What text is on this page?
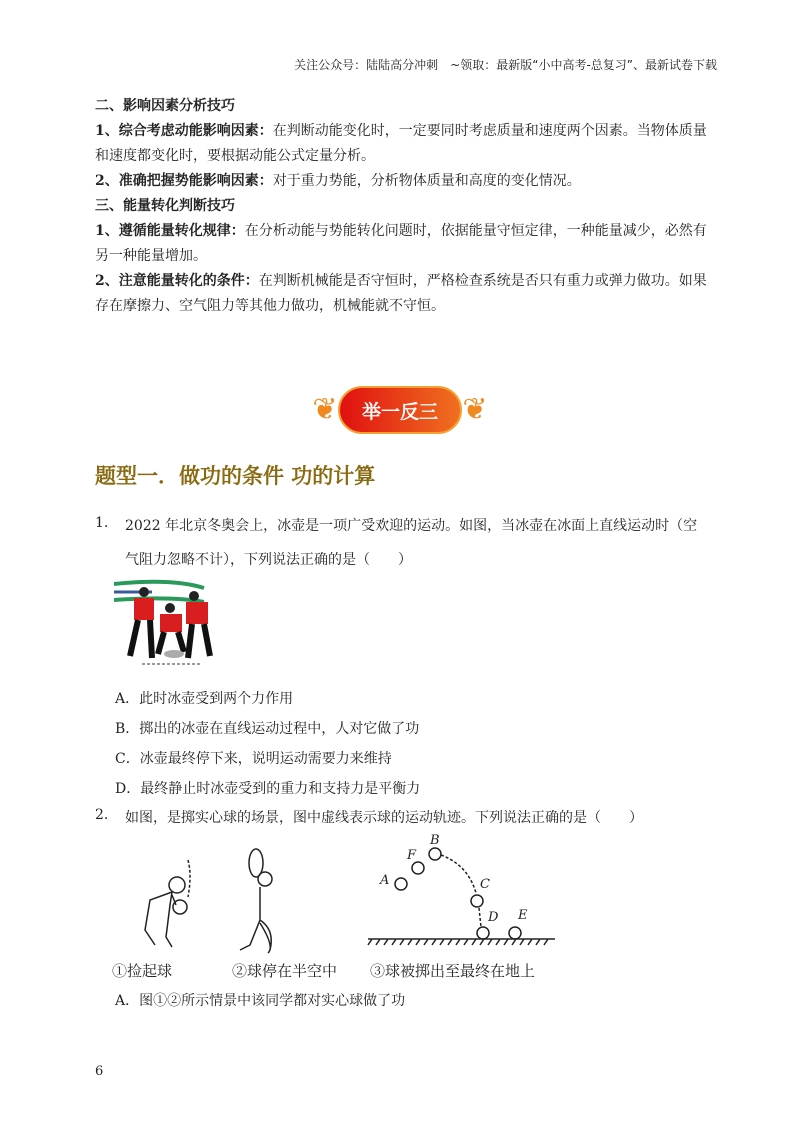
关注公众号：陆陆高分冲刺　~领取：最新版“小中高考-总复习”、最新试卷下载

二、影响因素分析技巧

1、综合考虑动能影响因素：在判断动能变化时，一定要同时考虑质量和速度两个因素。当物体质量和速度都变化时，要根据动能公式定量分析。

2、准确把握势能影响因素：对于重力势能，分析物体质量和高度的变化情况。

三、能量转化判断技巧

1、遵循能量转化规律：在分析动能与势能转化问题时，依据能量守恒定律，一种能量减少，必然有另一种能量增加。

2、注意能量转化的条件：在判断机械能是否守恒时，严格检查系统是否只有重力或弹力做功。如果存在摩擦力、空气阻力等其他力做功，机械能就不守恒。

❦	举一反三 ❦
题型一．做功的条件 功的计算
1. 2022 年北京冬奥会上，冰壶是一项广受欢迎的运动。如图，当冰壶在冰面上直线运动时（空
气阻力忽略不计），下列说法正确的是（　　）
A．此时冰壶受到两个力作用
B．掷出的冰壶在直线运动过程中，人对它做了功
C．冰壶最终停下来，说明运动需要力来维持
D．最终静止时冰壶受到的重力和支持力是平衡力
2. 如图，是掷实心球的场景，图中虚线表示球的运动轨迹。下列说法正确的是（　　）
A
F
B
C
D E
①捡起球	②球停在半空中 ③球被掷出至最终在地上
A．图①②所示情景中该同学都对实心球做了功
6
